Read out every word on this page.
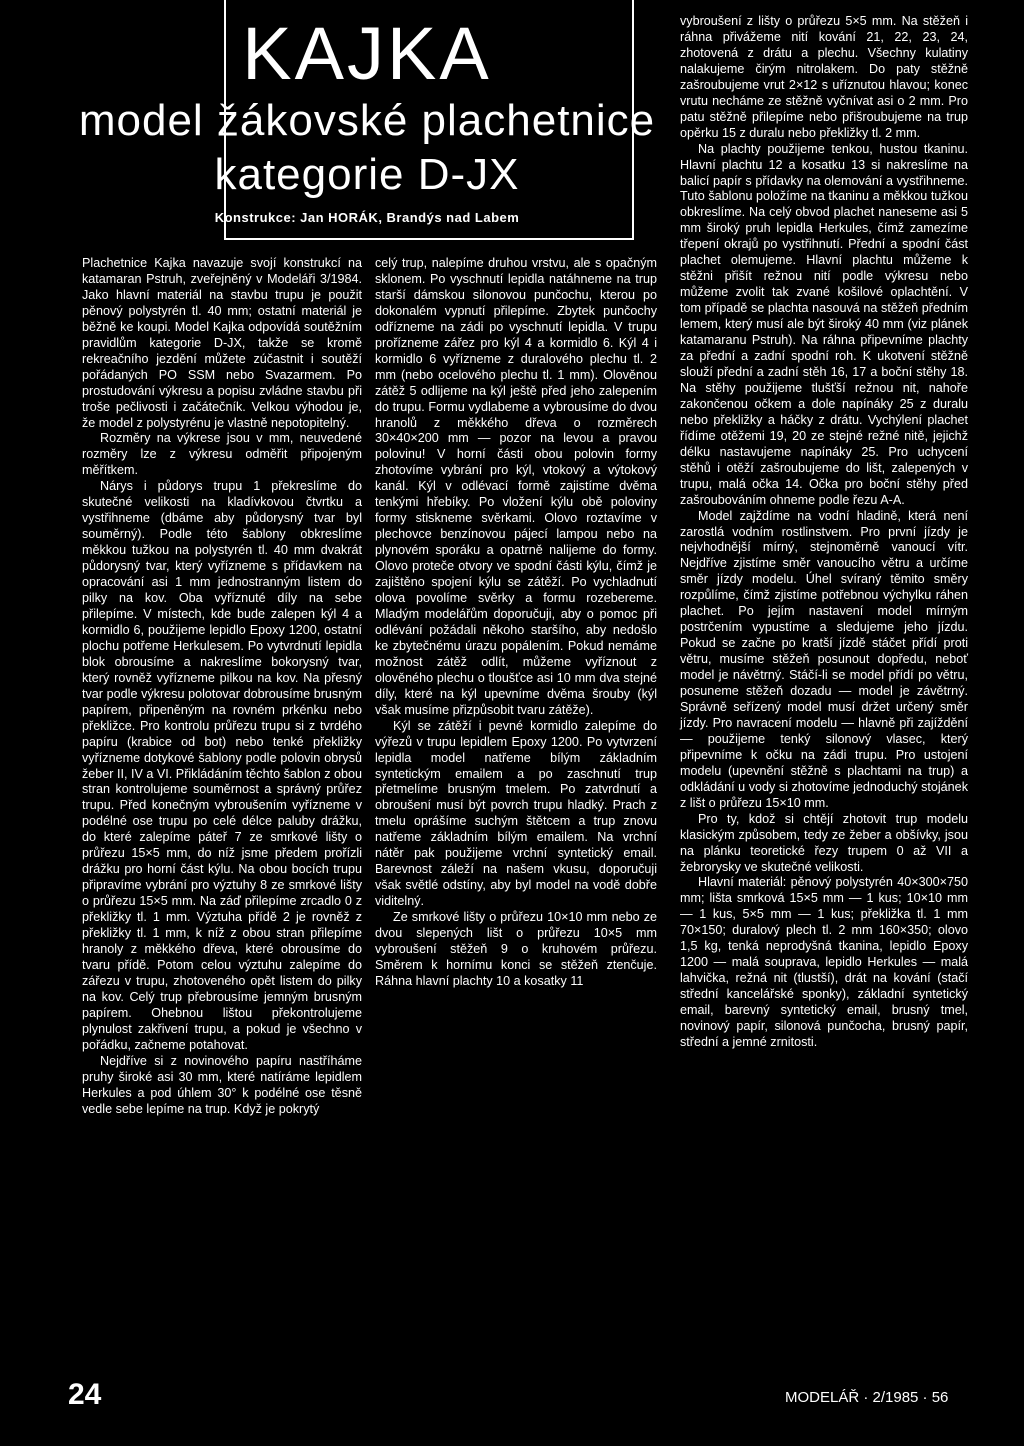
KAJKA
model žákovské plachetnice
kategorie D-JX
Konstrukce: Jan HORÁK, Brandýs nad Labem

Plachetnice Kajka navazuje svojí konstrukcí na katamaran Pstruh, zveřejněný v Modeláři 3/1984. Jako hlavní materiál na stavbu trupu je použit pěnový polystyrén tl. 40 mm; ostatní materiál je běžně ke koupi. Model Kajka odpovídá soutěžním pravidlům kategorie D-JX, takže se kromě rekreačního jezdění můžete zúčastnit i soutěží pořádaných PO SSM nebo Svazarmem. Po prostudování výkresu a popisu zvládne stavbu při troše pečlivosti i začátečník. Velkou výhodou je, že model z polystyrénu je vlastně nepotopitelný.

Rozměry na výkrese jsou v mm, neuvedené rozměry lze z výkresu odměřit připojeným měřítkem.

Nárys i půdorys trupu 1 překreslíme do skutečné velikosti na kladívkovou čtvrtku a vystřihneme (dbáme aby půdorysný tvar byl souměrný). Podle této šablony obkreslíme měkkou tužkou na polystyrén tl. 40 mm dvakrát půdorysný tvar, který vyřízneme s přídavkem na opracování asi 1 mm jednostranným listem do pilky na kov. Oba vyříznuté díly na sebe přilepíme. V místech, kde bude zalepen kýl 4 a kormidlo 6, použijeme lepidlo Epoxy 1200, ostatní plochu potřeme Herkulesem. Po vytvrdnutí lepidla blok obrousíme a nakreslíme bokorysný tvar, který rovněž vyřízneme pilkou na kov. Na přesný tvar podle výkresu polotovar dobrousíme brusným papírem, připeněným na rovném prkénku nebo překližce. Pro kontrolu průřezu trupu si z tvrdého papíru (krabice od bot) nebo tenké překližky vyřízneme dotykové šablony podle polovin obrysů žeber II, IV a VI. Přikládáním těchto šablon z obou stran kontrolujeme souměrnost a správný průřez trupu. Před konečným vybroušením vyřízneme v podélné ose trupu po celé délce paluby drážku, do které zalepíme páteř 7 ze smrkové lišty o průřezu 15×5 mm, do níž jsme předem prořízli drážku pro horní část kýlu. Na obou bocích trupu připravíme vybrání pro výztuhy 8 ze smrkové lišty o průřezu 15×5 mm. Na záď přilepíme zrcadlo 0 z překližky tl. 1 mm. Výztuha přídě 2 je rovněž z překližky tl. 1 mm, k níž z obou stran přilepíme hranoly z měkkého dřeva, které obrousíme do tvaru přídě. Potom celou výztuhu zalepíme do zářezu v trupu, zhotoveného opět listem do pilky na kov. Celý trup přebrousíme jemným brusným papírem. Ohebnou lištou překontrolujeme plynulost zakřivení trupu, a pokud je všechno v pořádku, začneme potahovat.

Nejdříve si z novinového papíru nastříháme pruhy široké asi 30 mm, které natíráme lepidlem Herkules a pod úhlem 30° k podélné ose těsně vedle sebe lepíme na trup. Když je pokrytý

celý trup, nalepíme druhou vrstvu, ale s opačným sklonem. Po vyschnutí lepidla natáhneme na trup starší dámskou silonovou punčochu, kterou po dokonalém vypnutí přilepíme. Zbytek punčochy odřízneme na zádi po vyschnutí lepidla. V trupu prořízneme zářez pro kýl 4 a kormidlo 6. Kýl 4 i kormidlo 6 vyřízneme z duralového plechu tl. 2 mm (nebo ocelového plechu tl. 1 mm). Olověnou zátěž 5 odlijeme na kýl ještě před jeho zalepením do trupu. Formu vydlabeme a vybrousíme do dvou hranolů z měkkého dřeva o rozměrech 30×40×200 mm — pozor na levou a pravou polovinu! V horní části obou polovin formy zhotovíme vybrání pro kýl, vtokový a výtokový kanál. Kýl v odlévací formě zajistíme dvěma tenkými hřebíky. Po vložení kýlu obě poloviny formy stiskneme svěrkami. Olovo roztavíme v plechovce benzínovou pájecí lampou nebo na plynovém sporáku a opatrně nalijeme do formy. Olovo proteče otvory ve spodní části kýlu, čímž je zajištěno spojení kýlu se zátěží. Po vychladnutí olova povolíme svěrky a formu rozebereme. Mladým modelářům doporučuji, aby o pomoc při odlévání požádali někoho staršího, aby nedošlo ke zbytečnému úrazu popálením. Pokud nemáme možnost zátěž odlít, můžeme vyříznout z olověného plechu o tloušťce asi 10 mm dva stejné díly, které na kýl upevníme dvěma šrouby (kýl však musíme přizpůsobit tvaru zátěže).

Kýl se zátěží i pevné kormidlo zalepíme do výřezů v trupu lepidlem Epoxy 1200. Po vytvrzení lepidla model natřeme bílým základním syntetickým emailem a po zaschnutí trup přetmelíme brusným tmelem. Po zatvrdnutí a obroušení musí být povrch trupu hladký. Prach z tmelu oprášíme suchým štětcem a trup znovu natřeme základním bílým emailem. Na vrchní nátěr pak použijeme vrchní syntetický email. Barevnost záleží na našem vkusu, doporučuji však světlé odstíny, aby byl model na vodě dobře viditelný.

Ze smrkové lišty o průřezu 10×10 mm nebo ze dvou slepených lišt o průřezu 10×5 mm vybroušení stěžeň 9 o kruhovém průřezu. Směrem k hornímu konci se stěžeň ztenčuje. Ráhna hlavní plachty 10 a kosatky 11

vybroušení z lišty o průřezu 5×5 mm. Na stěžeň i ráhna přivážeme nití kování 21, 22, 23, 24, zhotovená z drátu a plechu. Všechny kulatiny nalakujeme čirým nitrolakem. Do paty stěžně zašroubujeme vrut 2×12 s uříznutou hlavou; konec vrutu necháme ze stěžně vyčnívat asi o 2 mm. Pro patu stěžně přilepíme nebo přišroubujeme na trup opěrku 15 z duralu nebo překližky tl. 2 mm.

Na plachty použijeme tenkou, hustou tkaninu. Hlavní plachtu 12 a kosatku 13 si nakreslíme na balicí papír s přídavky na olemování a vystřihneme. Tuto šablonu položíme na tkaninu a měkkou tužkou obkreslíme. Na celý obvod plachet naneseme asi 5 mm široký pruh lepidla Herkules, čímž zamezíme třepení okrajů po vystřihnutí. Přední a spodní část plachet olemujeme. Hlavní plachtu můžeme k stěžni přišít režnou nití podle výkresu nebo můžeme zvolit tak zvané košilové oplachtění. V tom případě se plachta nasouvá na stěžeň předním lemem, který musí ale být široký 40 mm (viz plánek katamaranu Pstruh). Na ráhna připevníme plachty za přední a zadní spodní roh. K ukotvení stěžně slouží přední a zadní stěh 16, 17 a boční stěhy 18. Na stěhy použijeme tlušťší režnou nit, nahoře zakončenou očkem a dole napínáky 25 z duralu nebo překližky a háčky z drátu. Vychýlení plachet řídíme otěžemi 19, 20 ze stejné režné nitě, jejichž délku nastavujeme napínáky 25. Pro uchycení stěhů i otěží zašroubujeme do lišt, zalepených v trupu, malá očka 14. Očka pro boční stěhy před zašroubováním ohneme podle řezu A-A.

Model zajždíme na vodní hladině, která není zarostlá vodním rostlinstvem. Pro první jízdy je nejvhodnější mírný, stejnoměrně vanoucí vítr. Nejdříve zjistíme směr vanoucího větru a určíme směr jízdy modelu. Úhel svíraný těmito směry rozpůlíme, čímž zjistíme potřebnou výchylku ráhen plachet. Po jejím nastavení model mírným postrčením vypustíme a sledujeme jeho jízdu. Pokud se začne po kratší jízdě stáčet přídí proti větru, musíme stěžeň posunout dopředu, neboť model je návětrný. Stáčí-li se model přídí po větru, posuneme stěžeň dozadu — model je závětrný. Správně seřízený model musí držet určený směr jízdy. Pro navracení modelu — hlavně při zajíždění — použijeme tenký silonový vlasec, který připevníme k očku na zádi trupu. Pro ustojení modelu (upevnění stěžně s plachtami na trup) a odkládání u vody si zhotovíme jednoduchý stojánek z lišt o průřezu 15×10 mm.

Pro ty, kdož si chtějí zhotovit trup modelu klasickým způsobem, tedy ze žeber a obšívky, jsou na plánku teoretické řezy trupem 0 až VII a žebrorysky ve skutečné velikosti.

Hlavní materiál: pěnový polystyrén 40×300×750 mm; lišta smrková 15×5 mm — 1 kus; 10×10 mm — 1 kus, 5×5 mm — 1 kus; překližka tl. 1 mm 70×150; duralový plech tl. 2 mm 160×350; olovo 1,5 kg, tenká neprodyšná tkanina, lepidlo Epoxy 1200 — malá souprava, lepidlo Herkules — malá lahvička, režná nit (tlustší), drát na kování (stačí střední kancelářské sponky), základní syntetický email, barevný syntetický email, brusný tmel, novinový papír, silonová punčocha, brusný papír, střední a jemné zrnitosti.

24	MODELÁŘ · 2/1985 · 56
